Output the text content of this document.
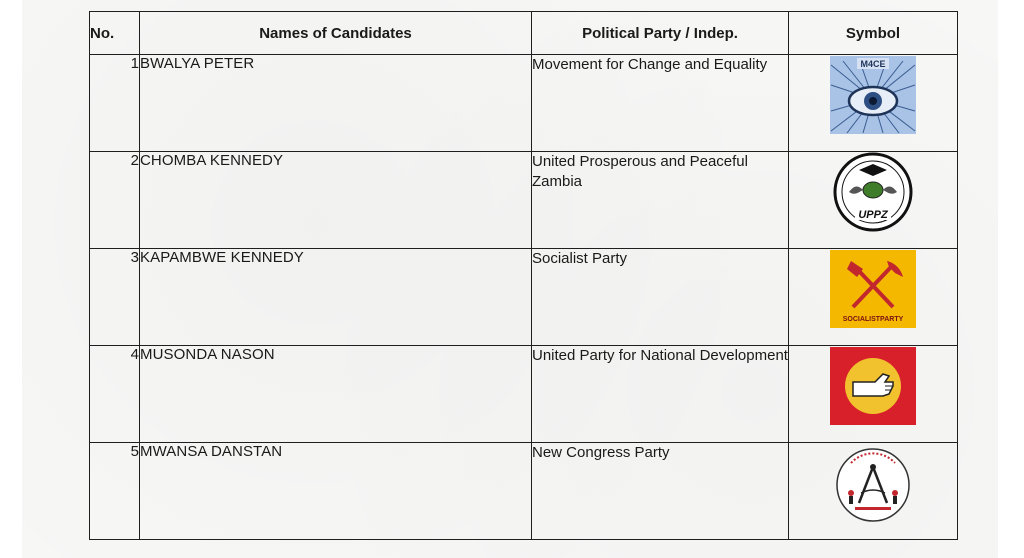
No.	Names of Candidates	Political Party / Indep.	Symbol
1	BWALYA PETER	Movement for Change and Equality	M4CE

2	CHOMBA KENNEDY	United Prosperous and Peaceful Zambia	UPPZ

3	KAPAMBWE KENNEDY	Socialist Party	SOCIALISTPARTY

4	MUSONDA NASON	United Party for National Development	

5	MWANSA DANSTAN	New Congress Party	
